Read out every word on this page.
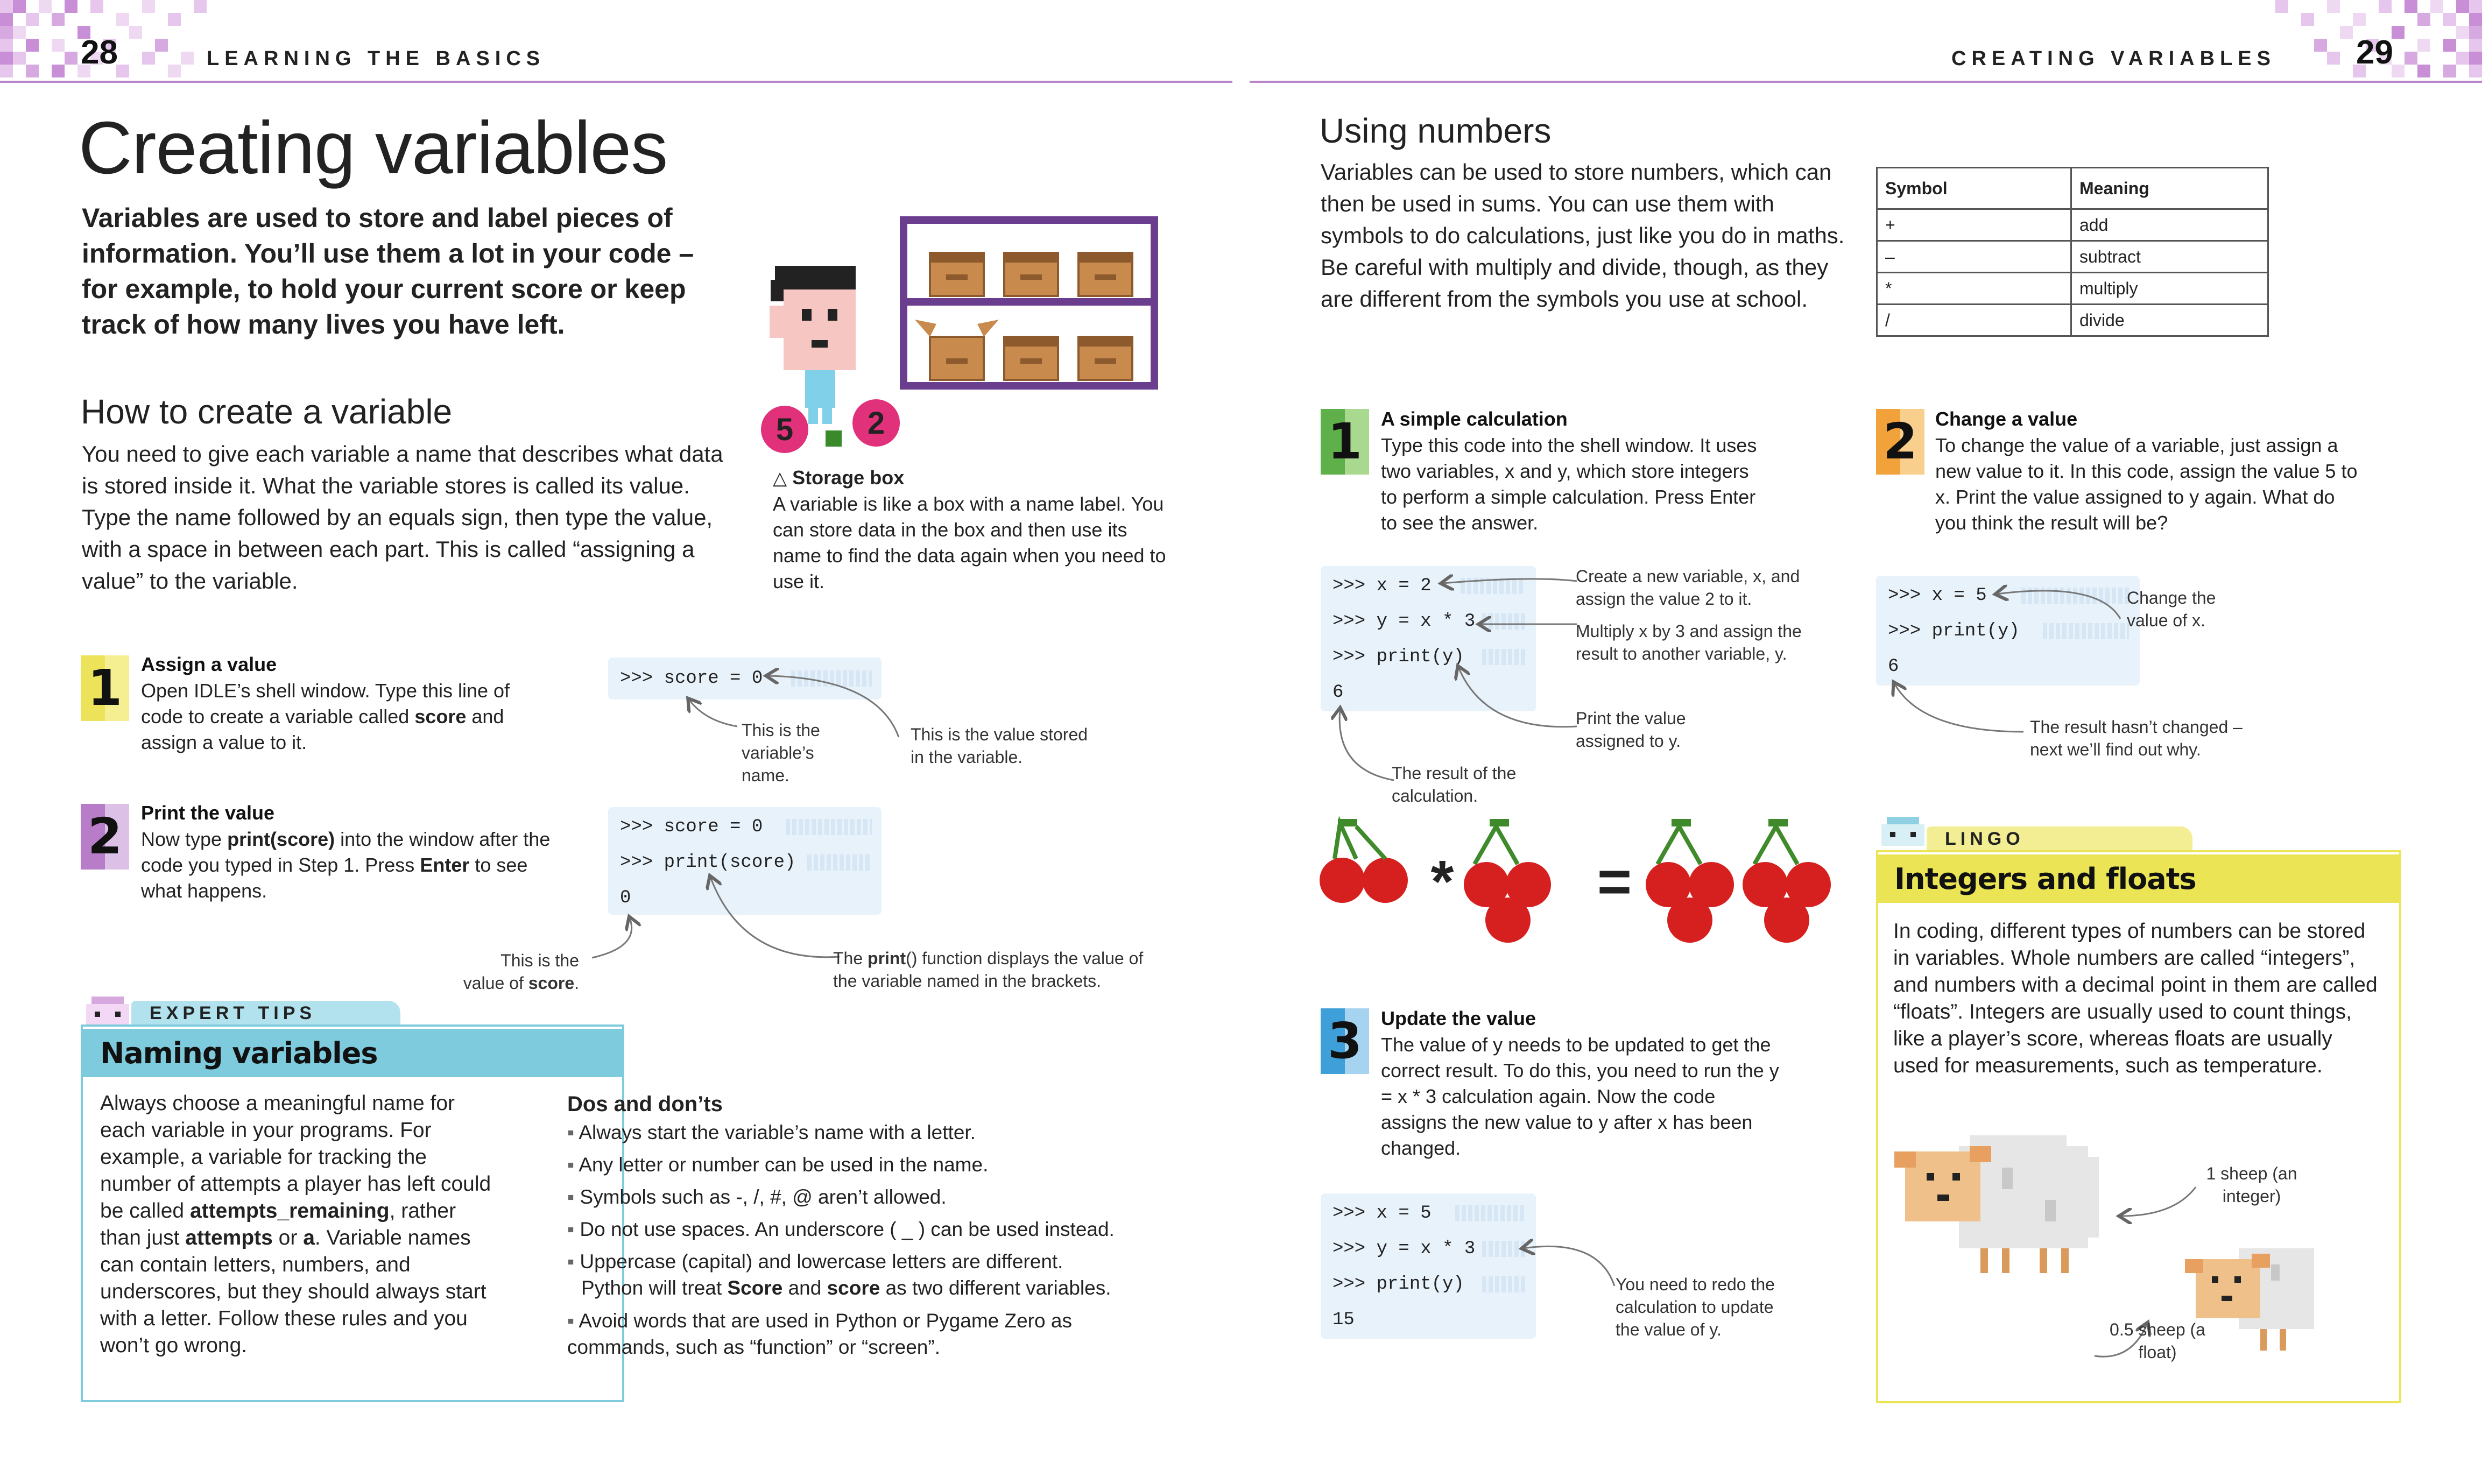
28	LEARNING THE BASICS	CREATING VARIABLES 29
Creating variables
Variables are used to store and label pieces of information. You’ll use them a lot in your code – for example, to hold your current score or keep track of how many lives you have left.
5 2
△ Storage box
A variable is like a box with a name label. You can store data in the box and then use its name to find the data again when you need to use it.
How to create a variable
You need to give each variable a name that describes what data is stored inside it. What the variable stores is called its value. Type the name followed by an equals sign, then type the value, with a space in between each part. This is called “assigning a value” to the variable.
1 Assign a value
Open IDLE’s shell window. Type this line of code to create a variable called score and assign a value to it.
>>> score = 0
This is the variable’s name.
This is the value stored in the variable.
2 Print the value
Now type print(score) into the window after the code you typed in Step 1. Press Enter to see what happens.
>>> score = 0
>>> print(score)
0
This is the value of score.
The print() function displays the value of the variable named in the brackets.
EXPERT TIPS
Naming variables
Always choose a meaningful name for each variable in your programs. For example, a variable for tracking the number of attempts a player has left could be called attempts_remaining, rather than just attempts or a. Variable names can contain letters, numbers, and underscores, but they should always start with a letter. Follow these rules and you won’t go wrong.
Dos and don’ts
▪ Always start the variable’s name with a letter.
▪ Any letter or number can be used in the name.
▪ Symbols such as -, /, #, @ aren’t allowed.
▪ Do not use spaces. An underscore ( _ ) can be used instead.
▪ Uppercase (capital) and lowercase letters are different.
Python will treat Score and score as two different variables.
▪ Avoid words that are used in Python or Pygame Zero as commands, such as “function” or “screen”.
Using numbers
Variables can be used to store numbers, which can then be used in sums. You can use them with symbols to do calculations, just like you do in maths. Be careful with multiply and divide, though, as they are different from the symbols you use at school.
Symbol	Meaning
+	add
–	subtract
*	multiply
/	divide
1 A simple calculation
Type this code into the shell window. It uses two variables, x and y, which store integers to perform a simple calculation. Press Enter to see the answer.
>>> x = 2
>>> y = x * 3
>>> print(y)
6
Create a new variable, x, and assign the value 2 to it.
Multiply x by 3 and assign the result to another variable, y.
Print the value assigned to y.
The result of the calculation.
2 Change a value
To change the value of a variable, just assign a new value to it. In this code, assign the value 5 to x. Print the value assigned to y again. What do you think the result will be?
>>> x = 5
>>> print(y)
6
Change the value of x.
The result hasn’t changed – next we’ll find out why.
* =
3 Update the value
The value of y needs to be updated to get the correct result. To do this, you need to run the y = x * 3 calculation again. Now the code assigns the new value to y after x has been changed.
>>> x = 5
>>> y = x * 3
>>> print(y)
15
You need to redo the calculation to update the value of y.
LINGO
Integers and floats
In coding, different types of numbers can be stored in variables. Whole numbers are called “integers”, and numbers with a decimal point in them are called “floats”. Integers are usually used to count things, like a player’s score, whereas floats are usually used for measurements, such as temperature.
1 sheep (an integer)
0.5 sheep (a float)
